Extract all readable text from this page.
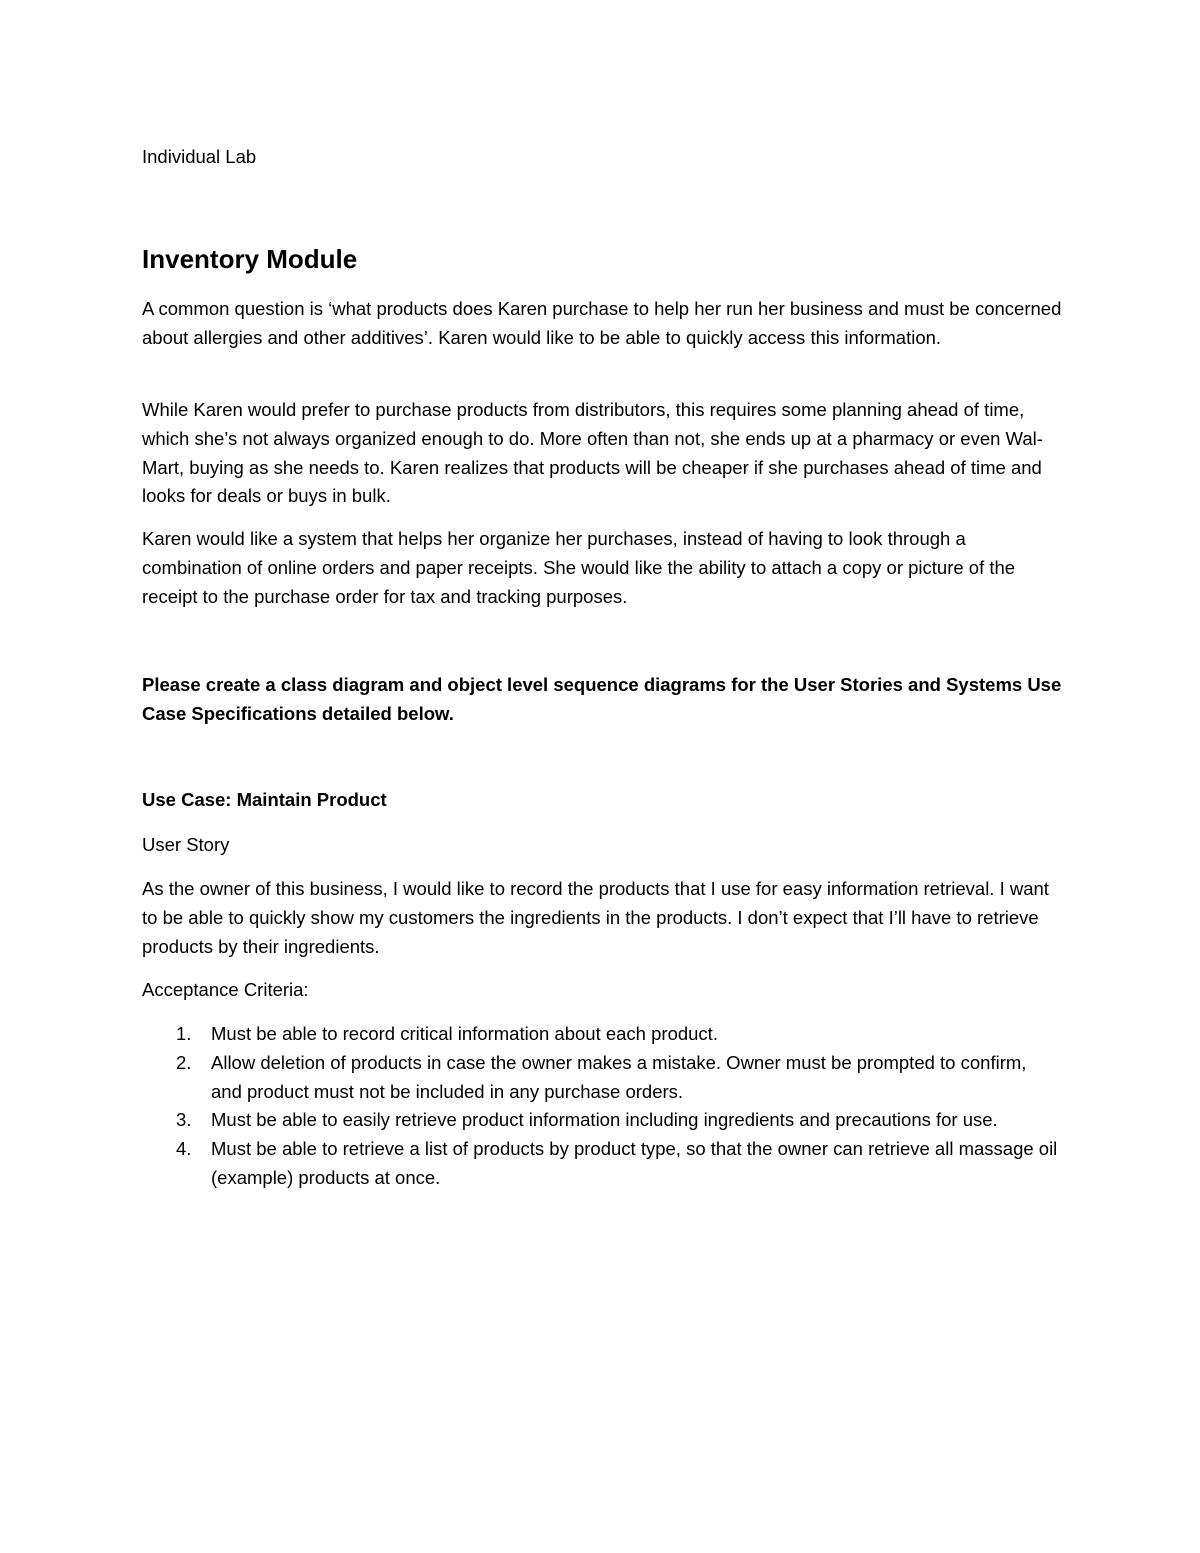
Individual Lab
Inventory Module

A common question is ‘what products does Karen purchase to help her run her business and must be concerned about allergies and other additives’. Karen would like to be able to quickly access this information.

While Karen would prefer to purchase products from distributors, this requires some planning ahead of time, which she’s not always organized enough to do. More often than not, she ends up at a pharmacy or even Wal-Mart, buying as she needs to. Karen realizes that products will be cheaper if she purchases ahead of time and looks for deals or buys in bulk.

Karen would like a system that helps her organize her purchases, instead of having to look through a combination of online orders and paper receipts. She would like the ability to attach a copy or picture of the receipt to the purchase order for tax and tracking purposes.

Please create a class diagram and object level sequence diagrams for the User Stories and Systems Use Case Specifications detailed below.

Use Case: Maintain Product
User Story

As the owner of this business, I would like to record the products that I use for easy information retrieval. I want to be able to quickly show my customers the ingredients in the products. I don’t expect that I’ll have to retrieve products by their ingredients.

Acceptance Criteria:
1. Must be able to record critical information about each product.
2. Allow deletion of products in case the owner makes a mistake. Owner must be prompted to confirm, and product must not be included in any purchase orders.
3. Must be able to easily retrieve product information including ingredients and precautions for use.
4. Must be able to retrieve a list of products by product type, so that the owner can retrieve all massage oil (example) products at once.
